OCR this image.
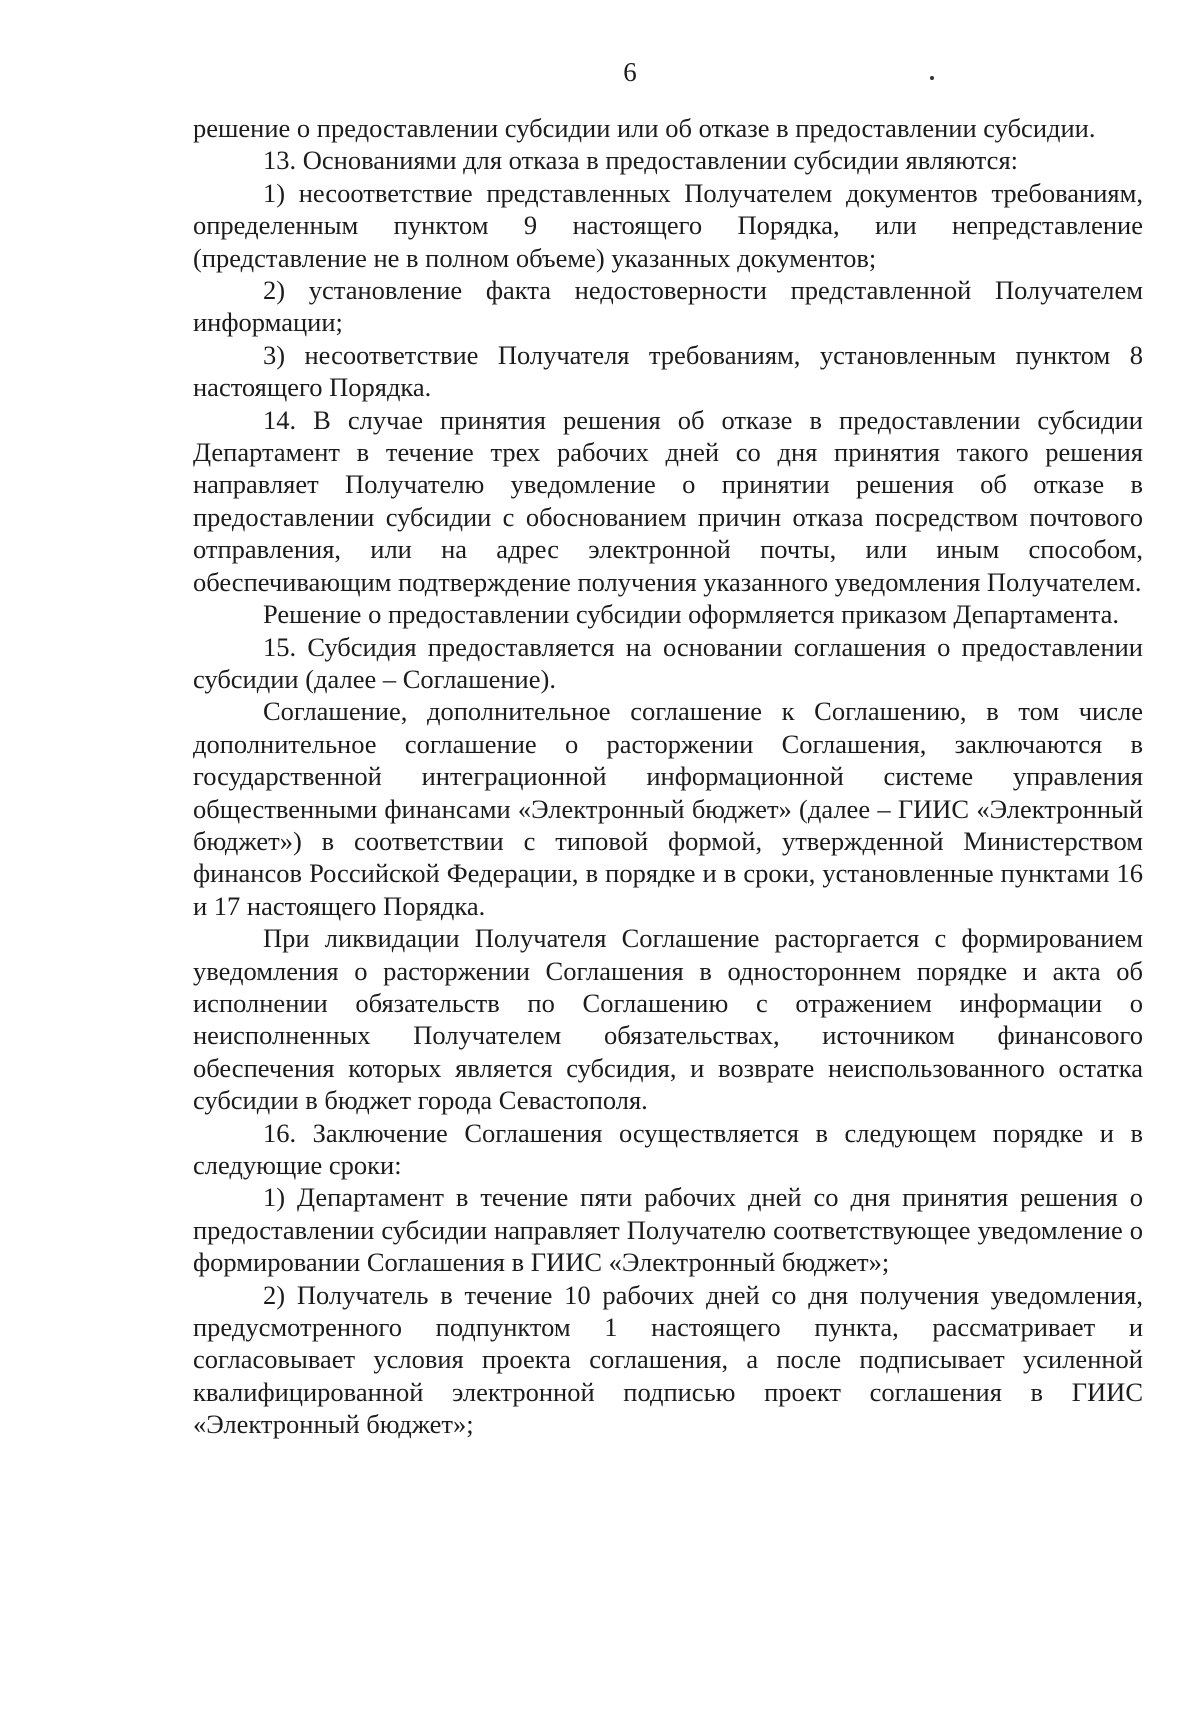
6

решение о предоставлении субсидии или об отказе в предоставлении субсидии.

13. Основаниями для отказа в предоставлении субсидии являются:

1) несоответствие представленных Получателем документов требованиям, определенным пунктом 9 настоящего Порядка, или непредставление (представление не в полном объеме) указанных документов;

2) установление факта недостоверности представленной Получателем информации;

3) несоответствие Получателя требованиям, установленным пунктом 8 настоящего Порядка.

14. В случае принятия решения об отказе в предоставлении субсидии Департамент в течение трех рабочих дней со дня принятия такого решения направляет Получателю уведомление о принятии решения об отказе в предоставлении субсидии с обоснованием причин отказа посредством почтового отправления, или на адрес электронной почты, или иным способом, обеспечивающим подтверждение получения указанного уведомления Получателем.

Решение о предоставлении субсидии оформляется приказом Департамента.

15. Субсидия предоставляется на основании соглашения о предоставлении субсидии (далее – Соглашение).

Соглашение, дополнительное соглашение к Соглашению, в том числе дополнительное соглашение о расторжении Соглашения, заключаются в государственной интеграционной информационной системе управления общественными финансами «Электронный бюджет» (далее – ГИИС «Электронный бюджет») в соответствии с типовой формой, утвержденной Министерством финансов Российской Федерации, в порядке и в сроки, установленные пунктами 16 и 17 настоящего Порядка.

При ликвидации Получателя Соглашение расторгается с формированием уведомления о расторжении Соглашения в одностороннем порядке и акта об исполнении обязательств по Соглашению с отражением информации о неисполненных Получателем обязательствах, источником финансового обеспечения которых является субсидия, и возврате неиспользованного остатка субсидии в бюджет города Севастополя.

16. Заключение Соглашения осуществляется в следующем порядке и в следующие сроки:

1) Департамент в течение пяти рабочих дней со дня принятия решения о предоставлении субсидии направляет Получателю соответствующее уведомление о формировании Соглашения в ГИИС «Электронный бюджет»;

2) Получатель в течение 10 рабочих дней со дня получения уведомления, предусмотренного подпунктом 1 настоящего пункта, рассматривает и согласовывает условия проекта соглашения, а после подписывает усиленной квалифицированной электронной подписью проект соглашения в ГИИС «Электронный бюджет»;
